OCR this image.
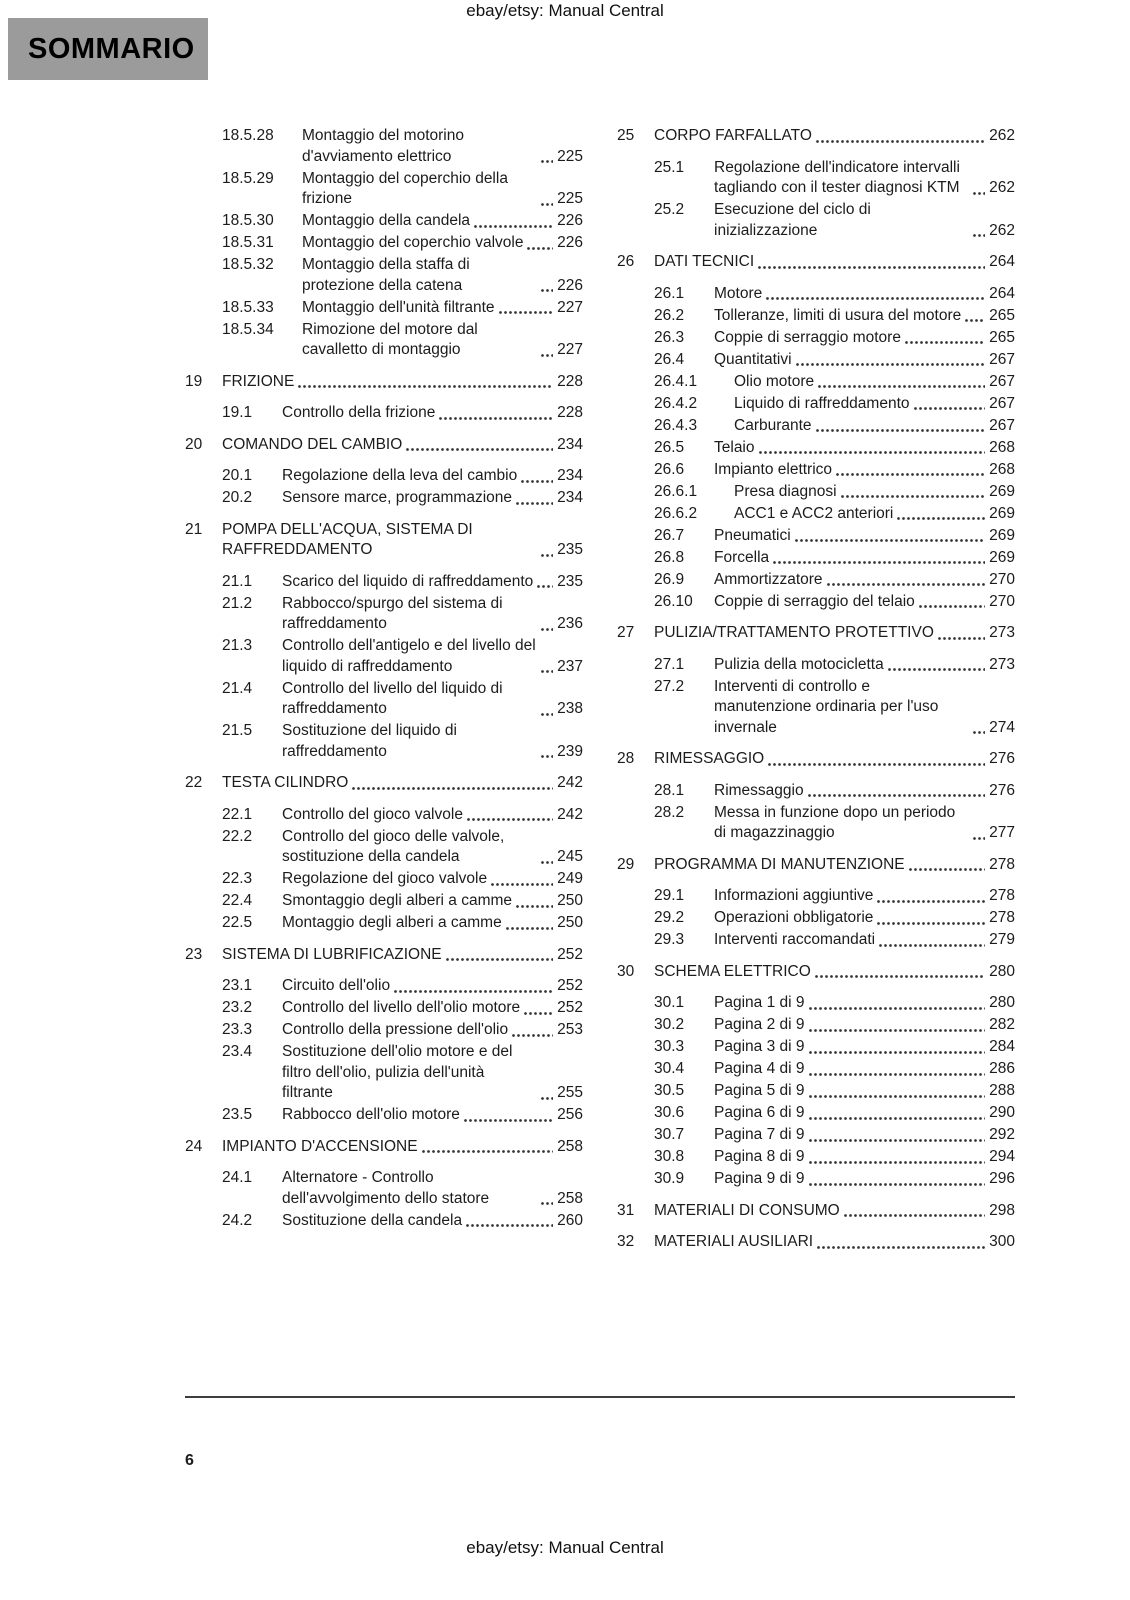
ebay/etsy: Manual Central
SOMMARIO
18.5.28	Montaggio del motorino d'avviamento elettrico	225
18.5.29	Montaggio del coperchio della frizione	225
18.5.30	Montaggio della candela	226
18.5.31	Montaggio del coperchio valvole 226
18.5.32	Montaggio della staffa di protezione della catena	226
18.5.33	Montaggio dell'unità filtrante	227
18.5.34	Rimozione del motore dal cavalletto di montaggio	227
19	FRIZIONE	228
19.1	Controllo della frizione	228
20	COMANDO DEL CAMBIO	234
20.1	Regolazione della leva del cambio	234
20.2	Sensore marce, programmazione	234
21	POMPA DELL'ACQUA, SISTEMA DI RAFFREDDAMENTO	235
21.1	Scarico del liquido di raffreddamento 235
21.2	Rabbocco/spurgo del sistema di raffreddamento	236
21.3	Controllo dell'antigelo e del livello del liquido di raffreddamento	237
21.4	Controllo del livello del liquido di raffreddamento	238
21.5	Sostituzione del liquido di raffreddamento	239
22	TESTA CILINDRO	242
22.1	Controllo del gioco valvole	242
22.2	Controllo del gioco delle valvole, sostituzione della candela	245
22.3	Regolazione del gioco valvole	249
22.4	Smontaggio degli alberi a camme	250
22.5	Montaggio degli alberi a camme	250
23	SISTEMA DI LUBRIFICAZIONE	252
23.1	Circuito dell'olio	252
23.2	Controllo del livello dell'olio motore 252
23.3	Controllo della pressione dell'olio	253
23.4	Sostituzione dell'olio motore e del filtro dell'olio, pulizia dell'unità filtrante	255
23.5	Rabbocco dell'olio motore	256
24	IMPIANTO D'ACCENSIONE	258
24.1	Alternatore - Controllo dell'avvolgimento dello statore	258
24.2	Sostituzione della candela	260
25	CORPO FARFALLATO	262
25.1	Regolazione dell'indicatore intervalli tagliando con il tester diagnosi KTM	262
25.2	Esecuzione del ciclo di inizializzazione	262
26	DATI TECNICI	264
26.1	Motore	264
26.2	Tolleranze, limiti di usura del motore 265
26.3	Coppie di serraggio motore	265
26.4	Quantitativi	267
26.4.1	Olio motore	267
26.4.2	Liquido di raffreddamento	267
26.4.3	Carburante	267
26.5	Telaio	268
26.6	Impianto elettrico	268
26.6.1	Presa diagnosi	269
26.6.2	ACC1 e ACC2 anteriori	269
26.7	Pneumatici	269
26.8	Forcella	269
26.9	Ammortizzatore	270
26.10	Coppie di serraggio del telaio	270
27	PULIZIA/TRATTAMENTO PROTETTIVO	273
27.1	Pulizia della motocicletta	273
27.2	Interventi di controllo e manutenzione ordinaria per l'uso invernale	274
28	RIMESSAGGIO	276
28.1	Rimessaggio	276
28.2	Messa in funzione dopo un periodo di magazzinaggio	277
29	PROGRAMMA DI MANUTENZIONE	278
29.1	Informazioni aggiuntive	278
29.2	Operazioni obbligatorie	278
29.3	Interventi raccomandati	279
30	SCHEMA ELETTRICO	280
30.1	Pagina 1 di 9	280
30.2	Pagina 2 di 9	282
30.3	Pagina 3 di 9	284
30.4	Pagina 4 di 9	286
30.5	Pagina 5 di 9	288
30.6	Pagina 6 di 9	290
30.7	Pagina 7 di 9	292
30.8	Pagina 8 di 9	294
30.9	Pagina 9 di 9	296
31	MATERIALI DI CONSUMO	298
32	MATERIALI AUSILIARI	300
6
ebay/etsy: Manual Central
